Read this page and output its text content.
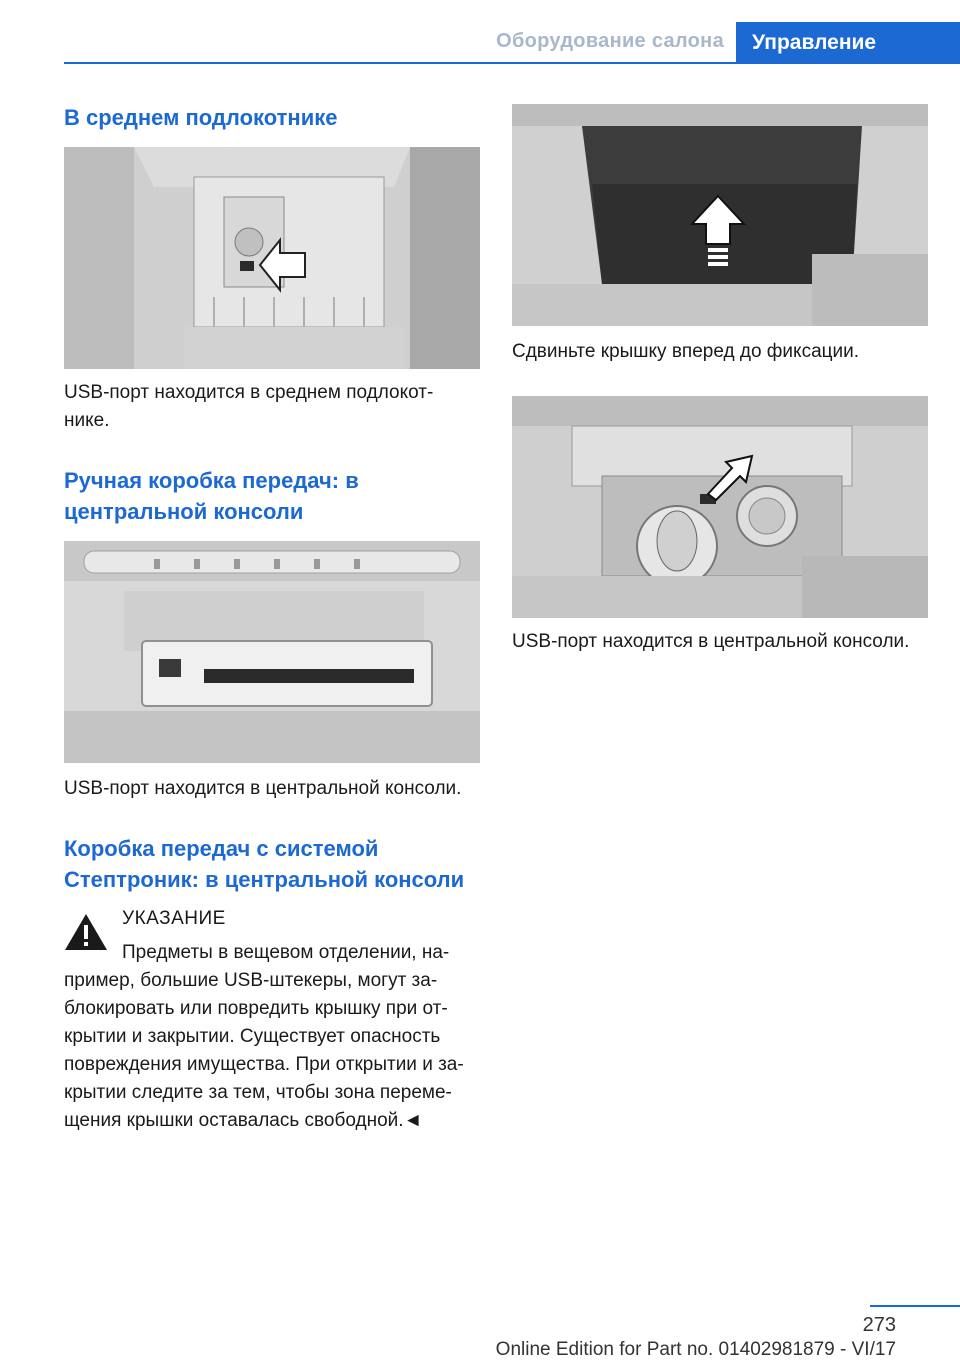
Оборудование салона Управление

В среднем подлокотнике

USB-порт находится в среднем подлокот‐

нике.

Ручная коробка передач: в

центральной консоли

USB-порт находится в центральной консоли.

Коробка передач с системой

Стептроник: в центральной консоли

УКАЗАНИЕ
Предметы в вещевом отделении, на‐
пример, большие USB-штекеры, могут за‐
блокировать или повредить крышку при от‐
крытии и закрытии. Существует опасность
повреждения имущества. При открытии и за‐
крытии следите за тем, чтобы зона переме‐
щения крышки оставалась свободной.◄

Сдвиньте крышку вперед до фиксации.

USB-порт находится в центральной консоли.

273
Online Edition for Part no. 01402981879 - VI/17
